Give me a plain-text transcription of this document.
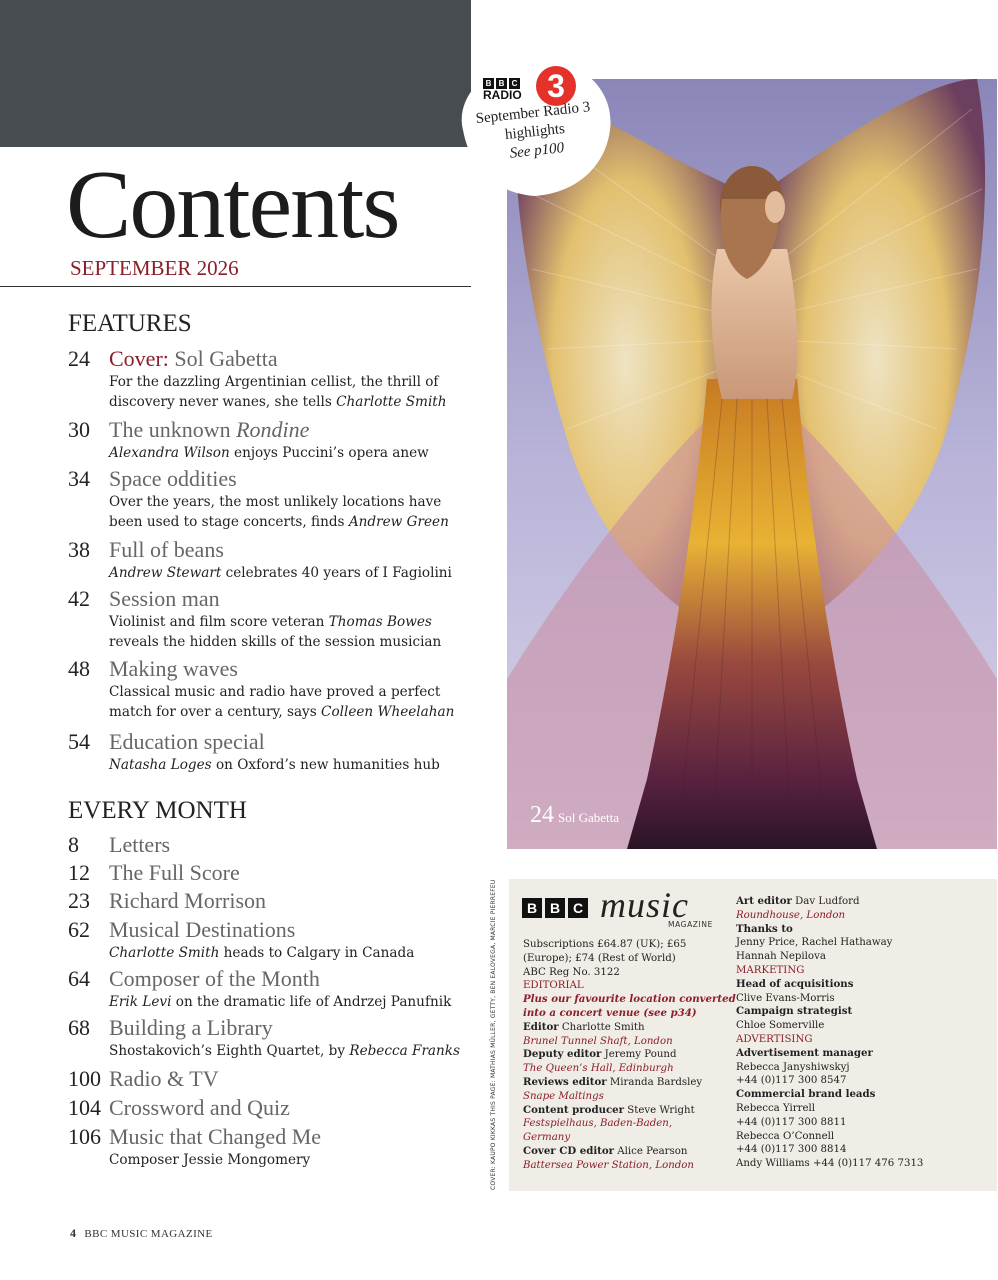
Contents
SEPTEMBER 2026
FEATURES
24 Cover: Sol Gabetta
For the dazzling Argentinian cellist, the thrill of
discovery never wanes, she tells Charlotte Smith
30 The unknown Rondine
Alexandra Wilson enjoys Puccini’s opera anew
34 Space oddities
Over the years, the most unlikely locations have
been used to stage concerts, finds Andrew Green
38 Full of beans
Andrew Stewart celebrates 40 years of I Fagiolini
42 Session man
Violinist and film score veteran Thomas Bowes
reveals the hidden skills of the session musician
48 Making waves
Classical music and radio have proved a perfect
match for over a century, says Colleen Wheelahan
54 Education special
Natasha Loges on Oxford’s new humanities hub
EVERY MONTH
8 Letters
12 The Full Score
23 Richard Morrison
62 Musical Destinations
Charlotte Smith heads to Calgary in Canada
64 Composer of the Month
Erik Levi on the dramatic life of Andrzej Panufnik
68 Building a Library
Shostakovich’s Eighth Quartet, by Rebecca Franks
100 Radio & TV
104 Crossword and Quiz
106 Music that Changed Me
Composer Jessie Mongomery
24 Sol Gabetta
B B C
RADIO 3
September Radio 3
highlights
See p100
COVER: KAUPO KIKKAS THIS PAGE: MATHIAS MÜLLER, GETTY, BEN EALOVEGA, MARCIE PIERREFEU	B B C music
MAGAZINE
Subscriptions £64.87 (UK); £65
(Europe); £74 (Rest of World)
ABC Reg No. 3122
EDITORIAL
Plus our favourite location converted
into a concert venue (see p34)
Editor Charlotte Smith
Brunel Tunnel Shaft, London
Deputy editor Jeremy Pound
The Queen’s Hall, Edinburgh
Reviews editor Miranda Bardsley
Snape Maltings
Content producer Steve Wright
Festspielhaus, Baden-Baden,
Germany
Cover CD editor Alice Pearson
Battersea Power Station, London
Art editor Dav Ludford
Roundhouse, London
Thanks to
Jenny Price, Rachel Hathaway
Hannah Nepilova
MARKETING
Head of acquisitions
Clive Evans-Morris
Campaign strategist
Chloe Somerville
ADVERTISING
Advertisement manager
Rebecca Janyshiwskyj
+44 (0)117 300 8547
Commercial brand leads
Rebecca Yirrell
+44 (0)117 300 8811
Rebecca O’Connell
+44 (0)117 300 8814
Andy Williams +44 (0)117 476 7313
4 BBC MUSIC MAGAZINE
